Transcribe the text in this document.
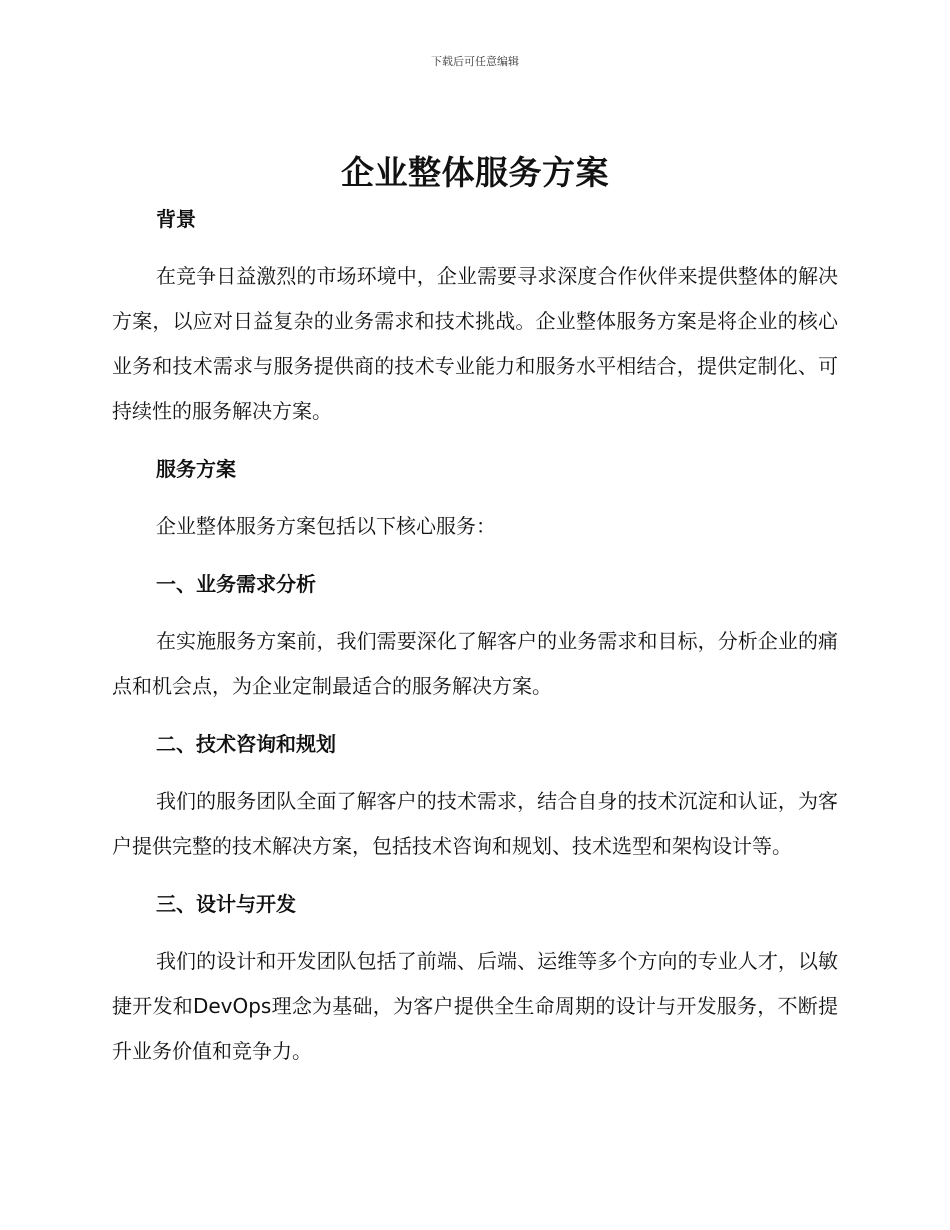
下载后可任意编辑
企业整体服务方案
背景

在竞争日益激烈的市场环境中，企业需要寻求深度合作伙伴来提供整体的解决方案，以应对日益复杂的业务需求和技术挑战。企业整体服务方案是将企业的核心业务和技术需求与服务提供商的技术专业能力和服务水平相结合，提供定制化、可持续性的服务解决方案。

服务方案

企业整体服务方案包括以下核心服务：

一、业务需求分析

在实施服务方案前，我们需要深化了解客户的业务需求和目标，分析企业的痛点和机会点，为企业定制最适合的服务解决方案。

二、技术咨询和规划

我们的服务团队全面了解客户的技术需求，结合自身的技术沉淀和认证，为客户提供完整的技术解决方案，包括技术咨询和规划、技术选型和架构设计等。

三、设计与开发

我们的设计和开发团队包括了前端、后端、运维等多个方向的专业人才，以敏捷开发和DevOps理念为基础，为客户提供全生命周期的设计与开发服务，不断提升业务价值和竞争力。
